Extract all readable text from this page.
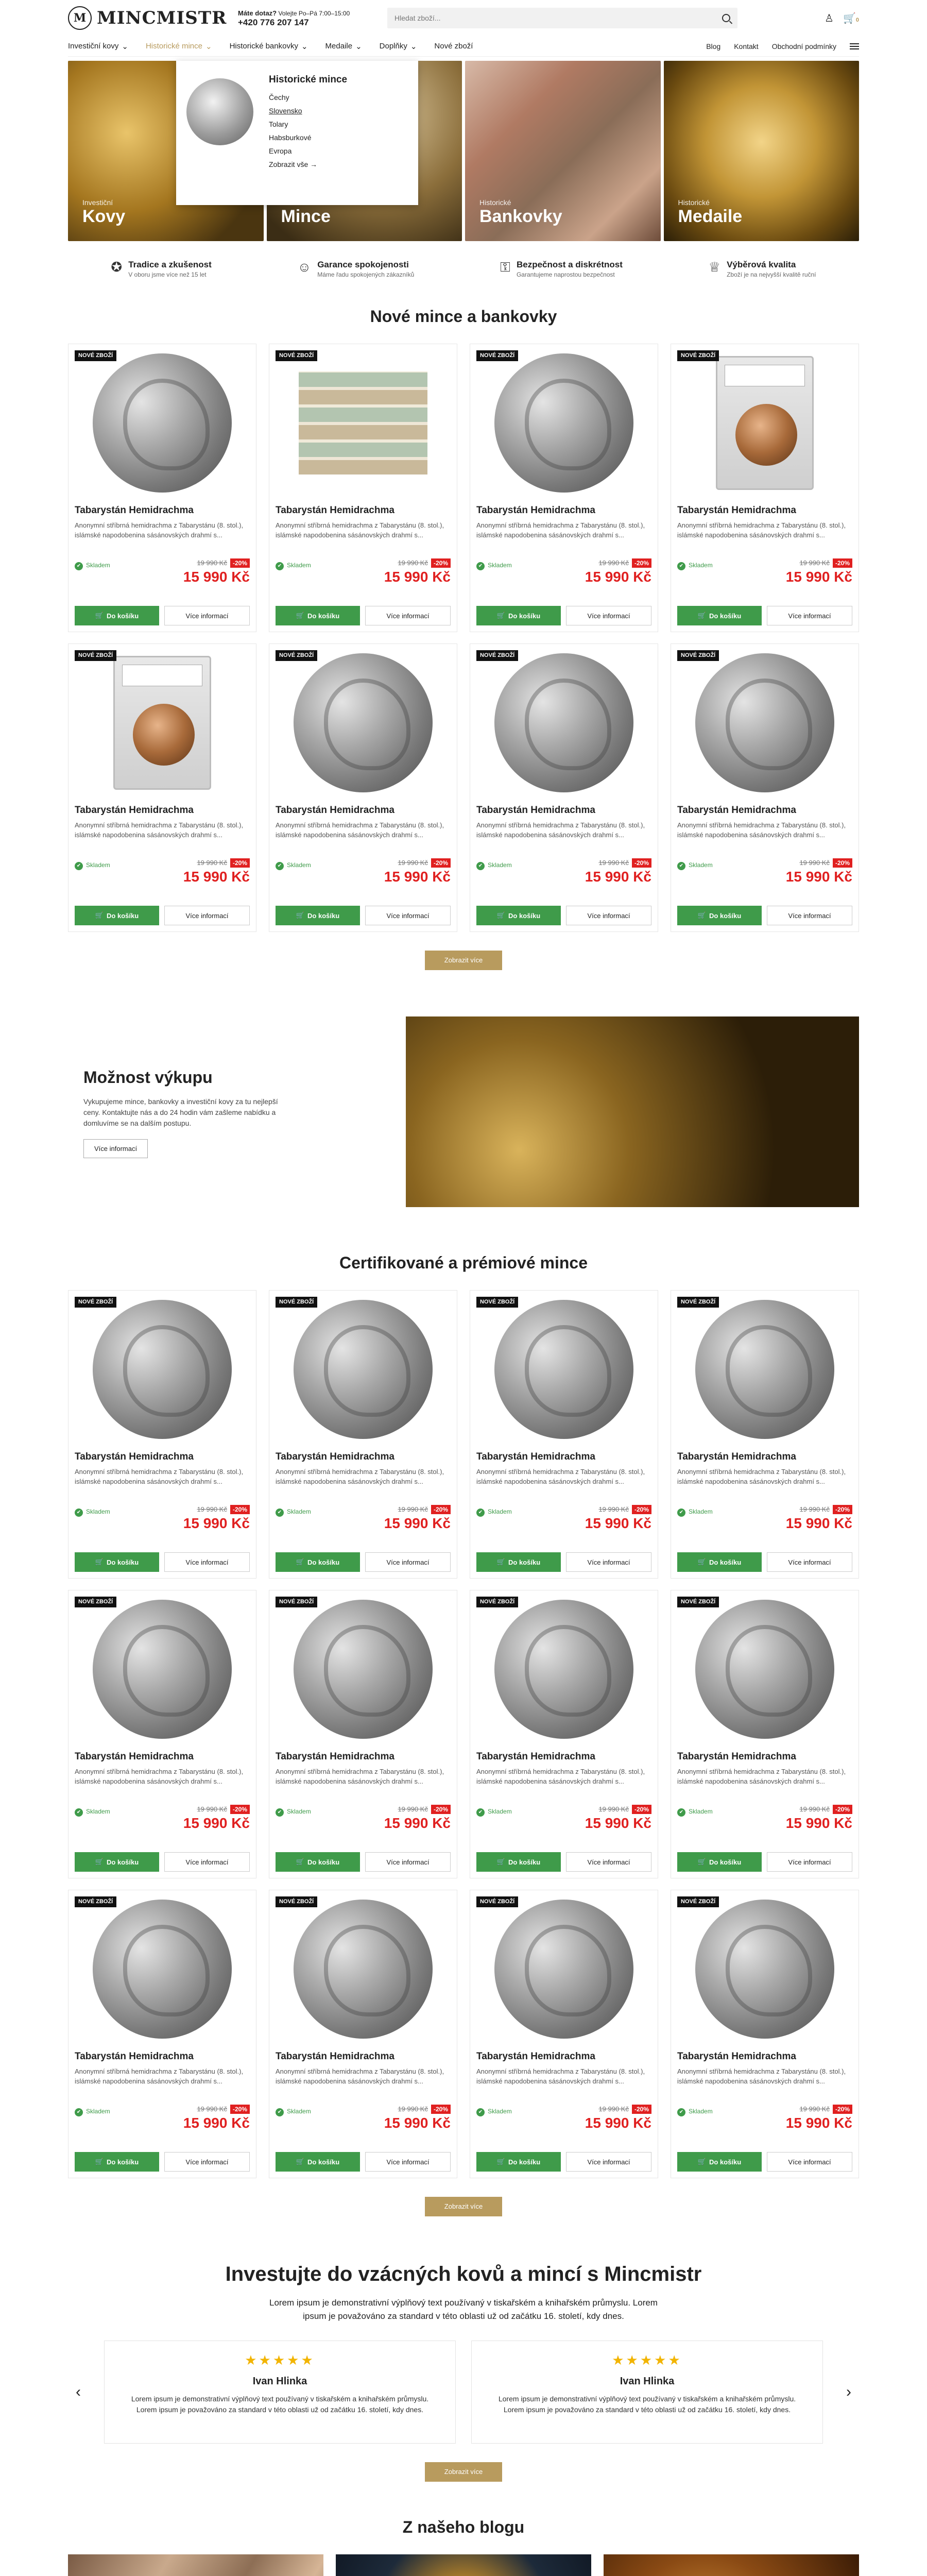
M MINCMISTR Máte dotaz? Volejte Po–Pá 7:00–15:00
+420 776 207 147	Hledat zboží...	♙ 🛒0
Investiční kovy ⌄ Historické mince ⌄ Historické bankovky ⌄ Medaile ⌄ Doplňky ⌄ Nové zboží	Blog Kontakt Obchodní podmínky
Investiční
Kovy	Mince
Historické
Bankovky
Historické
Medaile
Historické mince
Čechy
Slovensko
Tolary
Habsburkové
Evropa
Zobrazit vše →
✪ Tradice a zkušenost
V oboru jsme více než 15 let	☺ Garance spokojenosti
Máme řadu spokojených zákazníků	⚿ Bezpečnost a diskrétnost
Garantujeme naprostou bezpečnost	♕ Výběrová kvalita
Zboží je na nejvyšší kvalitě ruční
Nové mince a bankovky
NOVÉ ZBOŽÍ
Tabarystán Hemidrachma

Anonymní stříbrná hemidrachma z Tabarystánu (8. stol.), islámské napodobenina sásánovských drahmí s...

✔ Skladem	19 990 Kč -20%
15 990 Kč
🛒 Do košíku	Více informací
NOVÉ ZBOŽÍ
Tabarystán Hemidrachma

Anonymní stříbrná hemidrachma z Tabarystánu (8. stol.), islámské napodobenina sásánovských drahmí s...

✔ Skladem	19 990 Kč -20%
15 990 Kč
🛒 Do košíku	Více informací
NOVÉ ZBOŽÍ
Tabarystán Hemidrachma

Anonymní stříbrná hemidrachma z Tabarystánu (8. stol.), islámské napodobenina sásánovských drahmí s...

✔ Skladem	19 990 Kč -20%
15 990 Kč
🛒 Do košíku	Více informací
NOVÉ ZBOŽÍ
Tabarystán Hemidrachma

Anonymní stříbrná hemidrachma z Tabarystánu (8. stol.), islámské napodobenina sásánovských drahmí s...

✔ Skladem	19 990 Kč -20%
15 990 Kč
🛒 Do košíku	Více informací
NOVÉ ZBOŽÍ
Tabarystán Hemidrachma

Anonymní stříbrná hemidrachma z Tabarystánu (8. stol.), islámské napodobenina sásánovských drahmí s...

✔ Skladem	19 990 Kč -20%
15 990 Kč
🛒 Do košíku	Více informací
NOVÉ ZBOŽÍ
Tabarystán Hemidrachma

Anonymní stříbrná hemidrachma z Tabarystánu (8. stol.), islámské napodobenina sásánovských drahmí s...

✔ Skladem	19 990 Kč -20%
15 990 Kč
🛒 Do košíku	Více informací
NOVÉ ZBOŽÍ
Tabarystán Hemidrachma

Anonymní stříbrná hemidrachma z Tabarystánu (8. stol.), islámské napodobenina sásánovských drahmí s...

✔ Skladem	19 990 Kč -20%
15 990 Kč
🛒 Do košíku	Více informací
NOVÉ ZBOŽÍ
Tabarystán Hemidrachma

Anonymní stříbrná hemidrachma z Tabarystánu (8. stol.), islámské napodobenina sásánovských drahmí s...

✔ Skladem	19 990 Kč -20%
15 990 Kč
🛒 Do košíku	Více informací
Zobrazit více
Možnost výkupu

Vykupujeme mince, bankovky a investiční kovy za tu nejlepší ceny. Kontaktujte nás a do 24 hodin vám zašleme nabídku a domluvíme se na dalším postupu.

Více informací
Certifikované a prémiové mince
NOVÉ ZBOŽÍ
Tabarystán Hemidrachma

Anonymní stříbrná hemidrachma z Tabarystánu (8. stol.), islámské napodobenina sásánovských drahmí s...

✔ Skladem	19 990 Kč -20%
15 990 Kč
🛒 Do košíku	Více informací
NOVÉ ZBOŽÍ
Tabarystán Hemidrachma

Anonymní stříbrná hemidrachma z Tabarystánu (8. stol.), islámské napodobenina sásánovských drahmí s...

✔ Skladem	19 990 Kč -20%
15 990 Kč
🛒 Do košíku	Více informací
NOVÉ ZBOŽÍ
Tabarystán Hemidrachma

Anonymní stříbrná hemidrachma z Tabarystánu (8. stol.), islámské napodobenina sásánovských drahmí s...

✔ Skladem	19 990 Kč -20%
15 990 Kč
🛒 Do košíku	Více informací
NOVÉ ZBOŽÍ
Tabarystán Hemidrachma

Anonymní stříbrná hemidrachma z Tabarystánu (8. stol.), islámské napodobenina sásánovských drahmí s...

✔ Skladem	19 990 Kč -20%
15 990 Kč
🛒 Do košíku	Více informací
NOVÉ ZBOŽÍ
Tabarystán Hemidrachma

Anonymní stříbrná hemidrachma z Tabarystánu (8. stol.), islámské napodobenina sásánovských drahmí s...

✔ Skladem	19 990 Kč -20%
15 990 Kč
🛒 Do košíku	Více informací
NOVÉ ZBOŽÍ
Tabarystán Hemidrachma

Anonymní stříbrná hemidrachma z Tabarystánu (8. stol.), islámské napodobenina sásánovských drahmí s...

✔ Skladem	19 990 Kč -20%
15 990 Kč
🛒 Do košíku	Více informací
NOVÉ ZBOŽÍ
Tabarystán Hemidrachma

Anonymní stříbrná hemidrachma z Tabarystánu (8. stol.), islámské napodobenina sásánovských drahmí s...

✔ Skladem	19 990 Kč -20%
15 990 Kč
🛒 Do košíku	Více informací
NOVÉ ZBOŽÍ
Tabarystán Hemidrachma

Anonymní stříbrná hemidrachma z Tabarystánu (8. stol.), islámské napodobenina sásánovských drahmí s...

✔ Skladem	19 990 Kč -20%
15 990 Kč
🛒 Do košíku	Více informací
NOVÉ ZBOŽÍ
Tabarystán Hemidrachma

Anonymní stříbrná hemidrachma z Tabarystánu (8. stol.), islámské napodobenina sásánovských drahmí s...

✔ Skladem	19 990 Kč -20%
15 990 Kč
🛒 Do košíku	Více informací
NOVÉ ZBOŽÍ
Tabarystán Hemidrachma

Anonymní stříbrná hemidrachma z Tabarystánu (8. stol.), islámské napodobenina sásánovských drahmí s...

✔ Skladem	19 990 Kč -20%
15 990 Kč
🛒 Do košíku	Více informací
NOVÉ ZBOŽÍ
Tabarystán Hemidrachma

Anonymní stříbrná hemidrachma z Tabarystánu (8. stol.), islámské napodobenina sásánovských drahmí s...

✔ Skladem	19 990 Kč -20%
15 990 Kč
🛒 Do košíku	Více informací
NOVÉ ZBOŽÍ
Tabarystán Hemidrachma

Anonymní stříbrná hemidrachma z Tabarystánu (8. stol.), islámské napodobenina sásánovských drahmí s...

✔ Skladem	19 990 Kč -20%
15 990 Kč
🛒 Do košíku	Více informací
Zobrazit více
Investujte do vzácných kovů a mincí s Mincmistr

Lorem ipsum je demonstrativní výplňový text používaný v tiskařském a knihařském průmyslu. Lorem ipsum je považováno za standard v této oblasti už od začátku 16. století, kdy dnes.

‹
★★★★★
Ivan Hlinka

Lorem ipsum je demonstrativní výplňový text používaný v tiskařském a knihařském průmyslu. Lorem ipsum je považováno za standard v této oblasti už od začátku 16. století, kdy dnes.

★★★★★
Ivan Hlinka

Lorem ipsum je demonstrativní výplňový text používaný v tiskařském a knihařském průmyslu. Lorem ipsum je považováno za standard v této oblasti už od začátku 16. století, kdy dnes.

›
Zobrazit více
Z našeho blogu
